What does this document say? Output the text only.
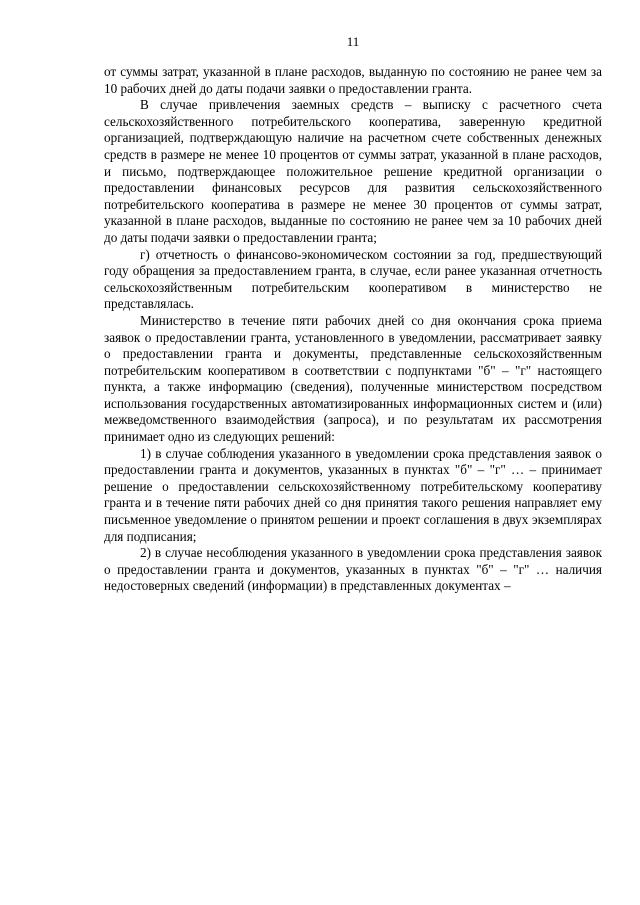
11

от суммы затрат, указанной в плане расходов, выданную по состоянию не ранее чем за 10 рабочих дней до даты подачи заявки о предоставлении гранта.

В случае привлечения заемных средств – выписку с расчетного счета сельскохозяйственного потребительского кооператива, заверенную кредитной организацией, подтверждающую наличие на расчетном счете собственных денежных средств в размере не менее 10 процентов от суммы затрат, указанной в плане расходов, и письмо, подтверждающее положительное решение кредитной организации о предоставлении финансовых ресурсов для развития сельскохозяйственного потребительского кооператива в размере не менее 30 процентов от суммы затрат, указанной в плане расходов, выданные по состоянию не ранее чем за 10 рабочих дней до даты подачи заявки о предоставлении гранта;

г) отчетность о финансово-экономическом состоянии за год, предшествующий году обращения за предоставлением гранта, в случае, если ранее указанная отчетность сельскохозяйственным потребительским кооперативом в министерство не представлялась.

Министерство в течение пяти рабочих дней со дня окончания срока приема заявок о предоставлении гранта, установленного в уведомлении, рассматривает заявку о предоставлении гранта и документы, представленные сельскохозяйственным потребительским кооперативом в соответствии с подпунктами "б" – "г" настоящего пункта, а также информацию (сведения), полученные министерством посредством использования государственных автоматизированных информационных систем и (или) межведомственного взаимодействия (запроса), и по результатам их рассмотрения принимает одно из следующих решений:

1) в случае соблюдения указанного в уведомлении срока представления заявок о предоставлении гранта и документов, указанных в пунктах "б" – "г" … – принимает решение о предоставлении сельскохозяйственному потребительскому кооперативу гранта и в течение пяти рабочих дней со дня принятия такого решения направляет ему письменное уведомление о принятом решении и проект соглашения в двух экземплярах для подписания;

2) в случае несоблюдения указанного в уведомлении срока представления заявок о предоставлении гранта и документов, указанных в пунктах "б" – "г" … наличия недостоверных сведений (информации) в представленных документах –
